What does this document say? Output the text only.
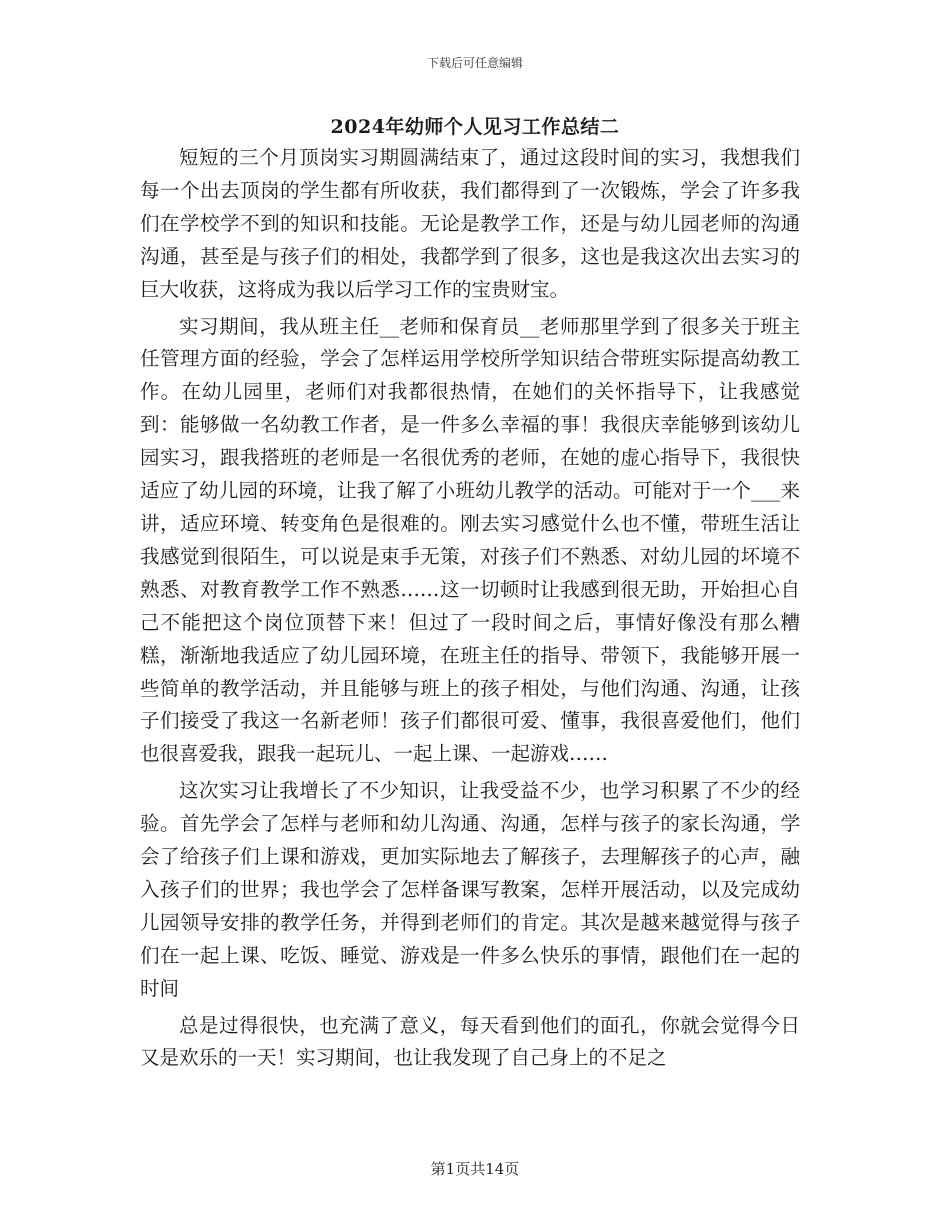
下载后可任意编辑
2024年幼师个人见习工作总结二

短短的三个月顶岗实习期圆满结束了，通过这段时间的实习，我想我们每一个出去顶岗的学生都有所收获，我们都得到了一次锻炼，学会了许多我们在学校学不到的知识和技能。无论是教学工作，还是与幼儿园老师的沟通沟通，甚至是与孩子们的相处，我都学到了很多，这也是我这次出去实习的巨大收获，这将成为我以后学习工作的宝贵财宝。

实习期间，我从班主任__老师和保育员__老师那里学到了很多关于班主任管理方面的经验，学会了怎样运用学校所学知识结合带班实际提高幼教工作。在幼儿园里，老师们对我都很热情，在她们的关怀指导下，让我感觉到：能够做一名幼教工作者，是一件多么幸福的事！我很庆幸能够到该幼儿园实习，跟我搭班的老师是一名很优秀的老师，在她的虚心指导下，我很快适应了幼儿园的环境，让我了解了小班幼儿教学的活动。可能对于一个___来讲，适应环境、转变角色是很难的。刚去实习感觉什么也不懂，带班生活让我感觉到很陌生，可以说是束手无策，对孩子们不熟悉、对幼儿园的坏境不熟悉、对教育教学工作不熟悉……这一切顿时让我感到很无助，开始担心自己不能把这个岗位顶替下来！但过了一段时间之后，事情好像没有那么糟糕，渐渐地我适应了幼儿园环境，在班主任的指导、带领下，我能够开展一些简单的教学活动，并且能够与班上的孩子相处，与他们沟通、沟通，让孩子们接受了我这一名新老师！孩子们都很可爱、懂事，我很喜爱他们，他们也很喜爱我，跟我一起玩儿、一起上课、一起游戏……

这次实习让我增长了不少知识，让我受益不少，也学习积累了不少的经验。首先学会了怎样与老师和幼儿沟通、沟通，怎样与孩子的家长沟通，学会了给孩子们上课和游戏，更加实际地去了解孩子，去理解孩子的心声，融入孩子们的世界；我也学会了怎样备课写教案，怎样开展活动，以及完成幼儿园领导安排的教学任务，并得到老师们的肯定。其次是越来越觉得与孩子们在一起上课、吃饭、睡觉、游戏是一件多么快乐的事情，跟他们在一起的时间

总是过得很快，也充满了意义，每天看到他们的面孔，你就会觉得今日又是欢乐的一天！实习期间，也让我发现了自己身上的不足之

第1页共14页
